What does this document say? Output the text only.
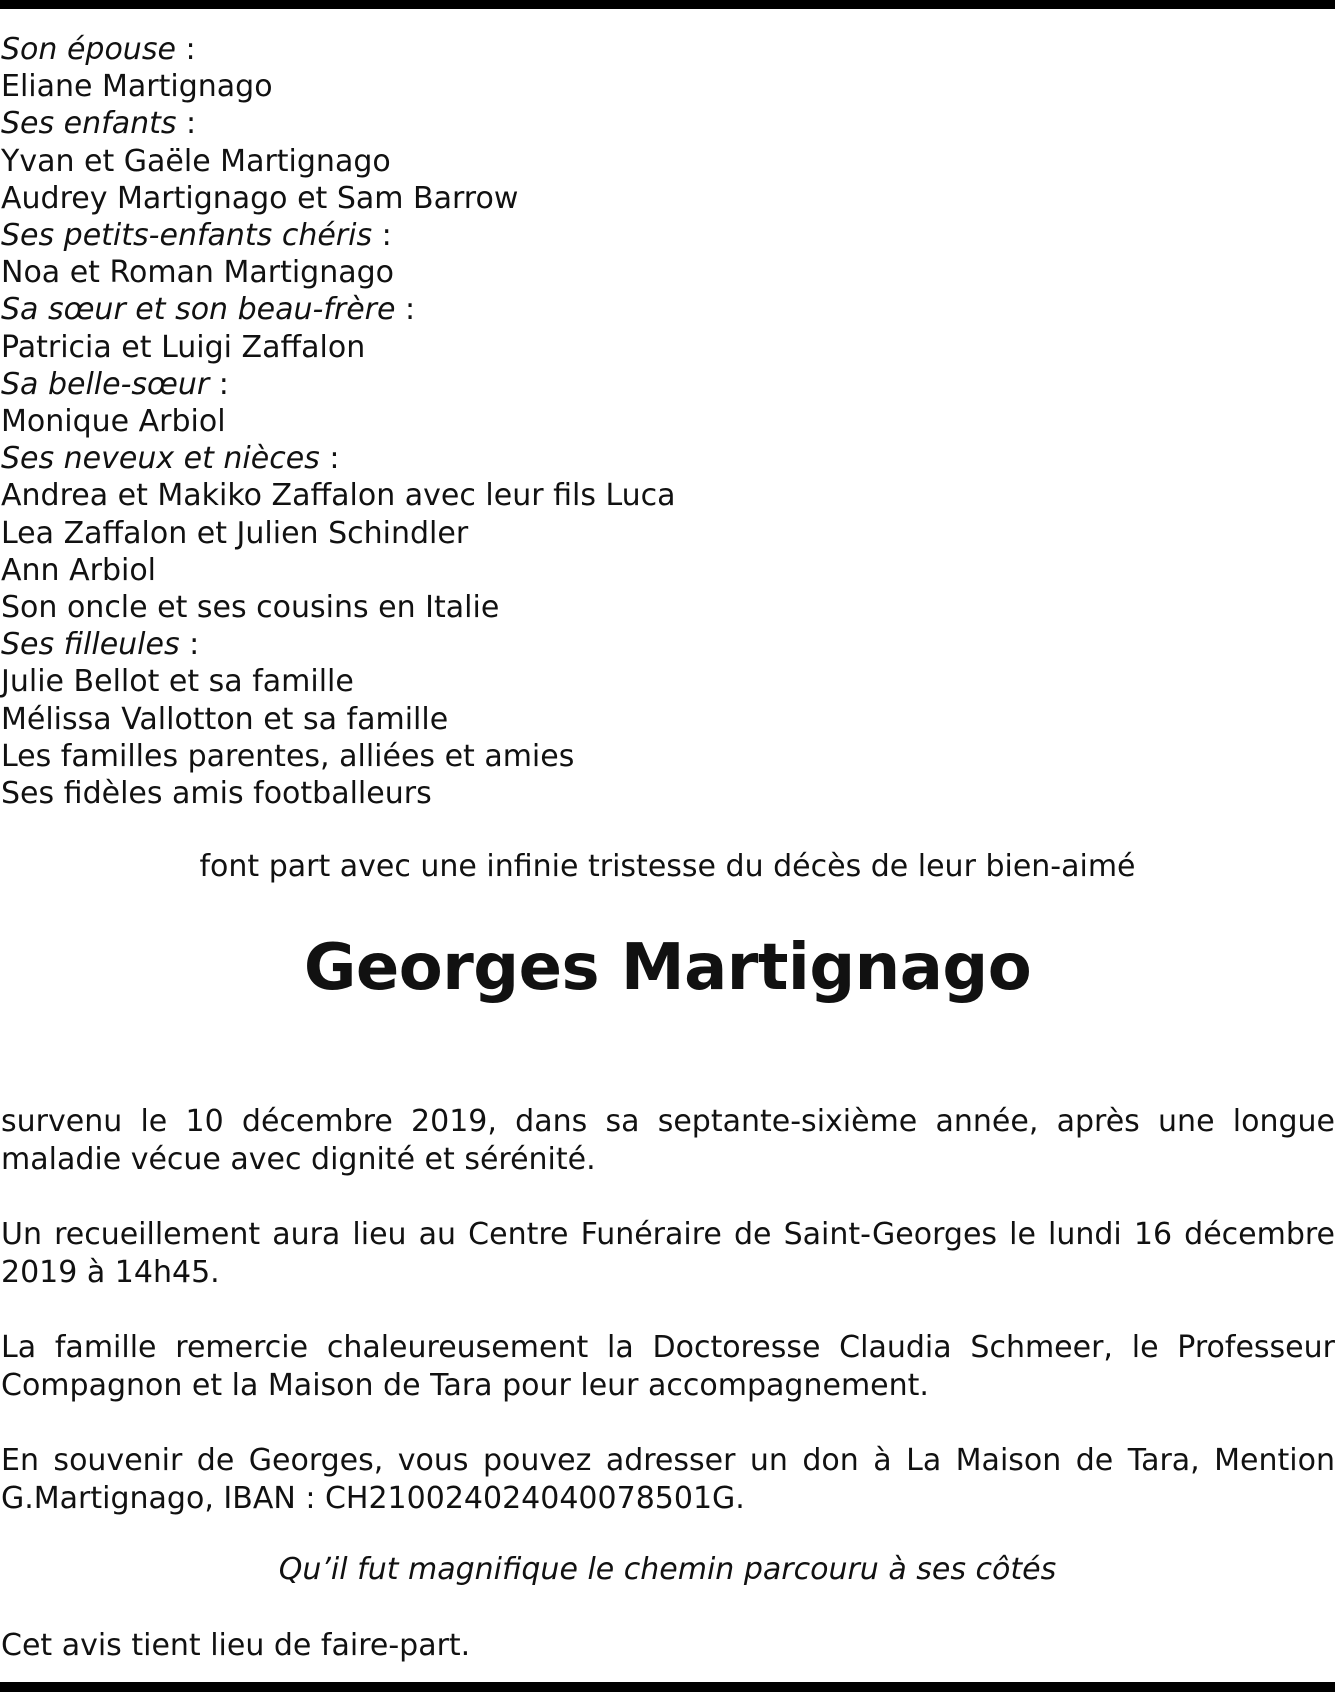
Son épouse :
Eliane Martignago
Ses enfants :
Yvan et Gaële Martignago
Audrey Martignago et Sam Barrow
Ses petits-enfants chéris :
Noa et Roman Martignago
Sa sœur et son beau-frère :
Patricia et Luigi Zaffalon
Sa belle-sœur :
Monique Arbiol
Ses neveux et nièces :
Andrea et Makiko Zaffalon avec leur fils Luca
Lea Zaffalon et Julien Schindler
Ann Arbiol
Son oncle et ses cousins en Italie
Ses filleules :
Julie Bellot et sa famille
Mélissa Vallotton et sa famille
Les familles parentes, alliées et amies
Ses fidèles amis footballeurs
font part avec une infinie tristesse du décès de leur bien-aimé
Georges Martignago
survenu le 10 décembre 2019, dans sa septante-sixième année, après une longue maladie vécue avec dignité et sérénité.
Un recueillement aura lieu au Centre Funéraire de Saint-Georges le lundi 16 décembre 2019 à 14h45.
La famille remercie chaleureusement la Doctoresse Claudia Schmeer, le Professeur Compagnon et la Maison de Tara pour leur accompagnement.
En souvenir de Georges, vous pouvez adresser un don à La Maison de Tara, Mention G.Martignago, IBAN : CH210024024040078501G.
Qu’il fut magnifique le chemin parcouru à ses côtés
Cet avis tient lieu de faire-part.
